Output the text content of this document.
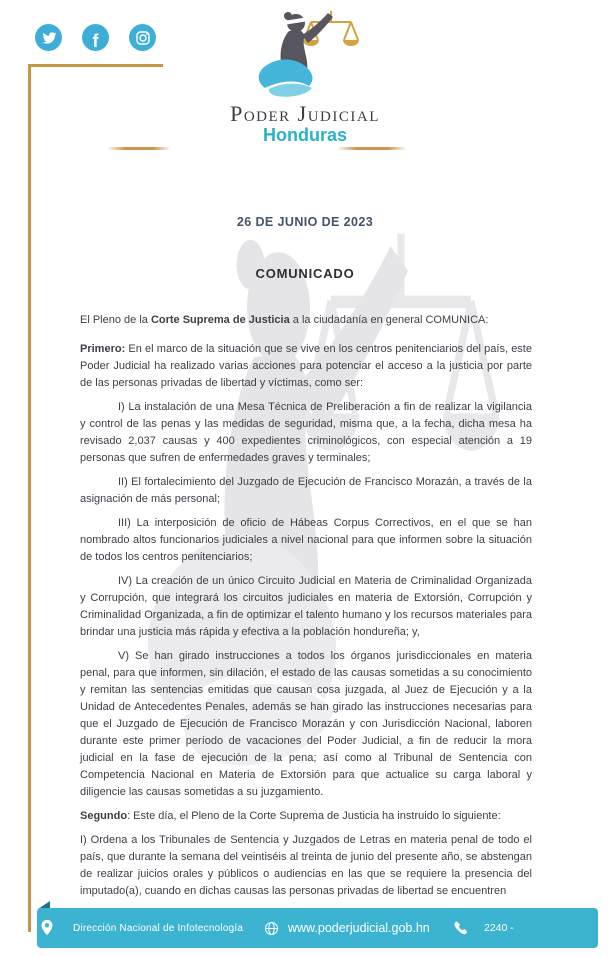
f
Poder Judicial
Honduras
26 DE JUNIO DE 2023
COMUNICADO

El Pleno de la Corte Suprema de Justicia a la ciudadanía en general COMUNICA:

Primero: En el marco de la situación que se vive en los centros penitenciarios del país, este Poder Judicial ha realizado varias acciones para potenciar el acceso a la justicia por parte de las personas privadas de libertad y víctimas, como ser:

I) La instalación de una Mesa Técnica de Preliberación a fin de realizar la vigilancia y control de las penas y las medidas de seguridad, misma que, a la fecha, dicha mesa ha revisado 2,037 causas y 400 expedientes criminológicos, con especial atención a 19 personas que sufren de enfermedades graves y terminales;

II) El fortalecimiento del Juzgado de Ejecución de Francisco Morazán, a través de la asignación de más personal;

III) La interposición de oficio de Hábeas Corpus Correctivos, en el que se han nombrado altos funcionarios judiciales a nivel nacional para que informen sobre la situación de todos los centros penitenciarios;

IV) La creación de un único Circuito Judicial en Materia de Criminalidad Organizada y Corrupción, que integrará los circuitos judiciales en materia de Extorsión, Corrupción y Criminalidad Organizada, a fin de optimizar el talento humano y los recursos materiales para brindar una justicia más rápida y efectiva a la población hondureña; y,

V) Se han girado instrucciones a todos los órganos jurisdiccionales en materia penal, para que informen, sin dilación, el estado de las causas sometidas a su conocimiento y remitan las sentencias emitidas que causan cosa juzgada, al Juez de Ejecución y a la Unidad de Antecedentes Penales, además se han girado las instrucciones necesarias para que el Juzgado de Ejecución de Francisco Morazán y con Jurisdicción Nacional, laboren durante este primer período de vacaciones del Poder Judicial, a fin de reducir la mora judicial en la fase de ejecución de la pena; así como al Tribunal de Sentencia con Competencia Nacional en Materia de Extorsión para que actualice su carga laboral y diligencie las causas sometidas a su juzgamiento.

Segundo: Este día, el Pleno de la Corte Suprema de Justicia ha instruido lo siguiente:

I) Ordena a los Tribunales de Sentencia y Juzgados de Letras en materia penal de todo el país, que durante la semana del veintiséis al treinta de junio del presente año, se abstengan de realizar juicios orales y públicos o audiencias en las que se requiere la presencia del imputado(a), cuando en dichas causas las personas privadas de libertad se encuentren

Dirección Nacional de Infotecnología	www.poderjudicial.gob.hn	2240 -
